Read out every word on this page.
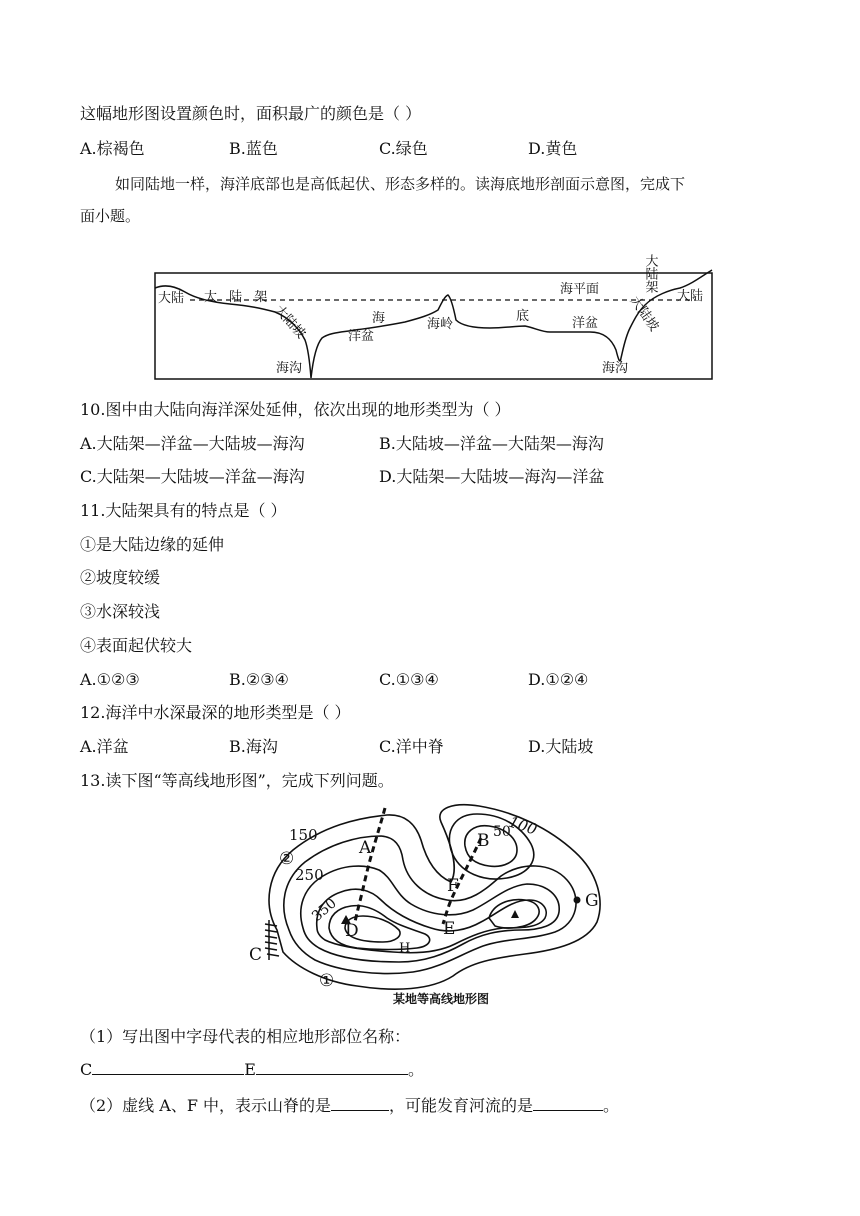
这幅地形图设置颜色时，面积最广的颜色是（ ）
A.棕褐色	B.蓝色	C.绿色	D.黄色
如同陆地一样，海洋底部也是高低起伏、形态多样的。读海底地形剖面示意图，完成下
面小题。
大陆 大 陆 架
大陆坡
海沟
海
洋盆
海岭
底	洋盆
海平面
大陆坡
大陆架
大陆
海沟
10.图中由大陆向海洋深处延伸，依次出现的地形类型为（ ）
A.大陆架—洋盆—大陆坡—海沟	B.大陆坡—洋盆—大陆架—海沟
C.大陆架—大陆坡—洋盆—海沟	D.大陆架—大陆坡—海沟—洋盆
11.大陆架具有的特点是（ ）
①是大陆边缘的延伸
②坡度较缓
③水深较浅
④表面起伏较大
A.①②③	B.②③④	C.①③④	D.①②④
12.海洋中水深最深的地形类型是（ ）
A.洋盆	B.海沟	C.洋中脊	D.大陆坡
13.读下图“等高线地形图”，完成下列问题。
150
250
350
100
50
②
①
A	B
C
D	E
F
G
H
某地等高线地形图
（1）写出图中字母代表的相应地形部位名称：
C	E	。
（2）虚线 A、F 中，表示山脊的是	，可能发育河流的是	。
